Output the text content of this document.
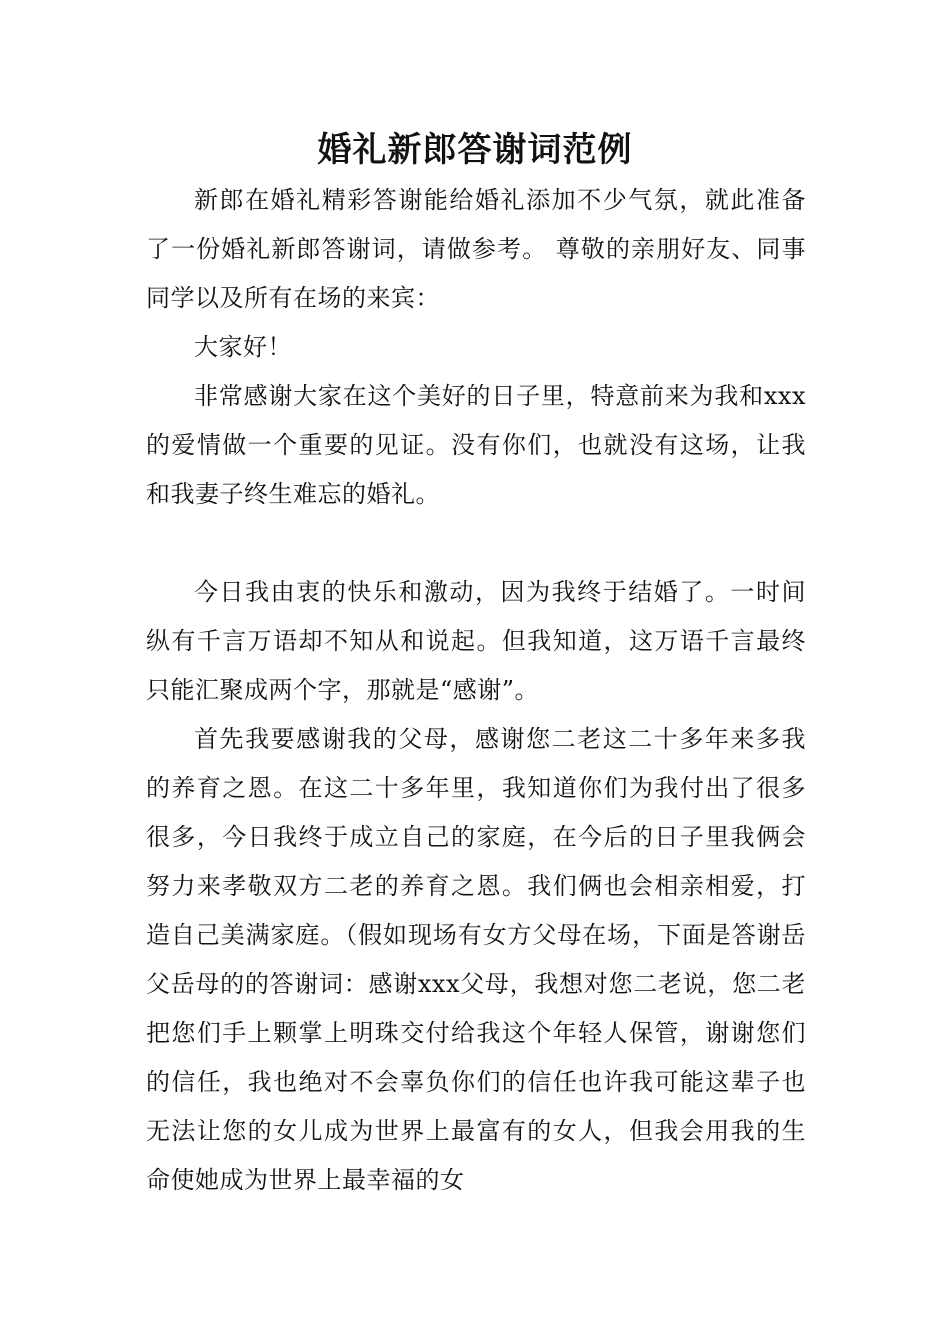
婚礼新郎答谢词范例

新郎在婚礼精彩答谢能给婚礼添加不少气氛，就此准备了一份婚礼新郎答谢词，请做参考。 尊敬的亲朋好友、同事同学以及所有在场的来宾：

大家好！

非常感谢大家在这个美好的日子里，特意前来为我和xxx的爱情做一个重要的见证。没有你们，也就没有这场，让我和我妻子终生难忘的婚礼。

今日我由衷的快乐和激动，因为我终于结婚了。一时间纵有千言万语却不知从和说起。但我知道，这万语千言最终只能汇聚成两个字，那就是“感谢”。

首先我要感谢我的父母，感谢您二老这二十多年来多我的养育之恩。在这二十多年里，我知道你们为我付出了很多很多，今日我终于成立自己的家庭，在今后的日子里我俩会努力来孝敬双方二老的养育之恩。我们俩也会相亲相爱，打造自己美满家庭。（假如现场有女方父母在场，下面是答谢岳父岳母的的答谢词：感谢xxx父母，我想对您二老说，您二老把您们手上颗掌上明珠交付给我这个年轻人保管，谢谢您们的信任，我也绝对不会辜负你们的信任也许我可能这辈子也无法让您的女儿成为世界上最富有的女人，但我会用我的生命使她成为世界上最幸福的女
